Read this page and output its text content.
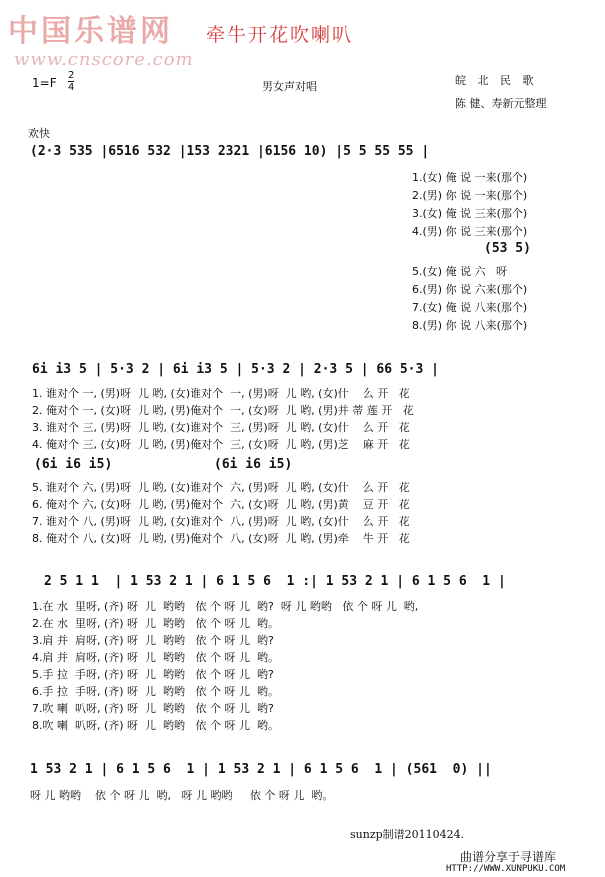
中国乐谱网
www.cnscore.com
牵牛开花吹喇叭
$1=F \frac{2}{4}$	男女声对唱	皖 北 民 歌
陈 健、寿新元整理
欢快
(2·3 535 |6516 532 |153 2321 |6156 10) |5 5 55 55 |
1.(女) 俺 说 一来(那个)
2.(男) 你 说 一来(那个)
3.(女) 俺 说 三来(那个)
4.(男) 你 说 三来(那个)
(53 5)
5.(女) 俺 说 六   呀
6.(男) 你 说 六来(那个)
7.(女) 俺 说 八来(那个)
8.(男) 你 说 八来(那个)
6i i3 5 | 5·3 2 | 6i i3 5 | 5·3 2 | 2·3 5 | 66 5·3 |
1. 谁对个 一, (男)呀  儿 哟, (女)谁对个  一, (男)呀  儿 哟, (女)什    么 开   花
2. 俺对个 一, (女)呀  儿 哟, (男)俺对个  一, (女)呀  儿 哟, (男)并 蒂 莲 开   花
3. 谁对个 三, (男)呀  儿 哟, (女)谁对个  三, (男)呀  儿 哟, (女)什    么 开   花
4. 俺对个 三, (女)呀  儿 哟, (男)俺对个  三, (女)呀  儿 哟, (男)芝    麻 开   花
(6i i6 i5)	(6i i6 i5)
5. 谁对个 六, (男)呀  儿 哟, (女)谁对个  六, (男)呀  儿 哟, (女)什    么 开   花
6. 俺对个 六, (女)呀  儿 哟, (男)俺对个  六, (女)呀  儿 哟, (男)黄    豆 开   花
7. 谁对个 八, (男)呀  儿 哟, (女)谁对个  八, (男)呀  儿 哟, (女)什    么 开   花
8. 俺对个 八, (女)呀  儿 哟, (男)俺对个  八, (女)呀  儿 哟, (男)牵    牛 开   花
2 5 1 1  | 1 53 2 1 | 6 1 5 6  1 :| 1 53 2 1 | 6 1 5 6  1 |
1.在 水  里呀, (齐) 呀  儿  哟哟   依 个 呀 儿  哟?  呀 儿 哟哟   依 个 呀 儿  哟,
2.在 水  里呀, (齐) 呀  儿  哟哟   依 个 呀 儿  哟。
3.肩 并  肩呀, (齐) 呀  儿  哟哟   依 个 呀 儿  哟?
4.肩 并  肩呀, (齐) 呀  儿  哟哟   依 个 呀 儿  哟。
5.手 拉  手呀, (齐) 呀  儿  哟哟   依 个 呀 儿  哟?
6.手 拉  手呀, (齐) 呀  儿  哟哟   依 个 呀 儿  哟。
7.吹 喇  叭呀, (齐) 呀  儿  哟哟   依 个 呀 儿  哟?
8.吹 喇  叭呀, (齐) 呀  儿  哟哟   依 个 呀 儿  哟。
1 53 2 1 | 6 1 5 6  1 | 1 53 2 1 | 6 1 5 6  1 | (561  0) ||
呀 儿 哟哟    依 个 呀 儿  哟,   呀 儿 哟哟     依 个 呀 儿  哟。
sunzp制谱20110424.
曲谱分享于寻谱库
HTTP://WWW.XUNPUKU.COM
